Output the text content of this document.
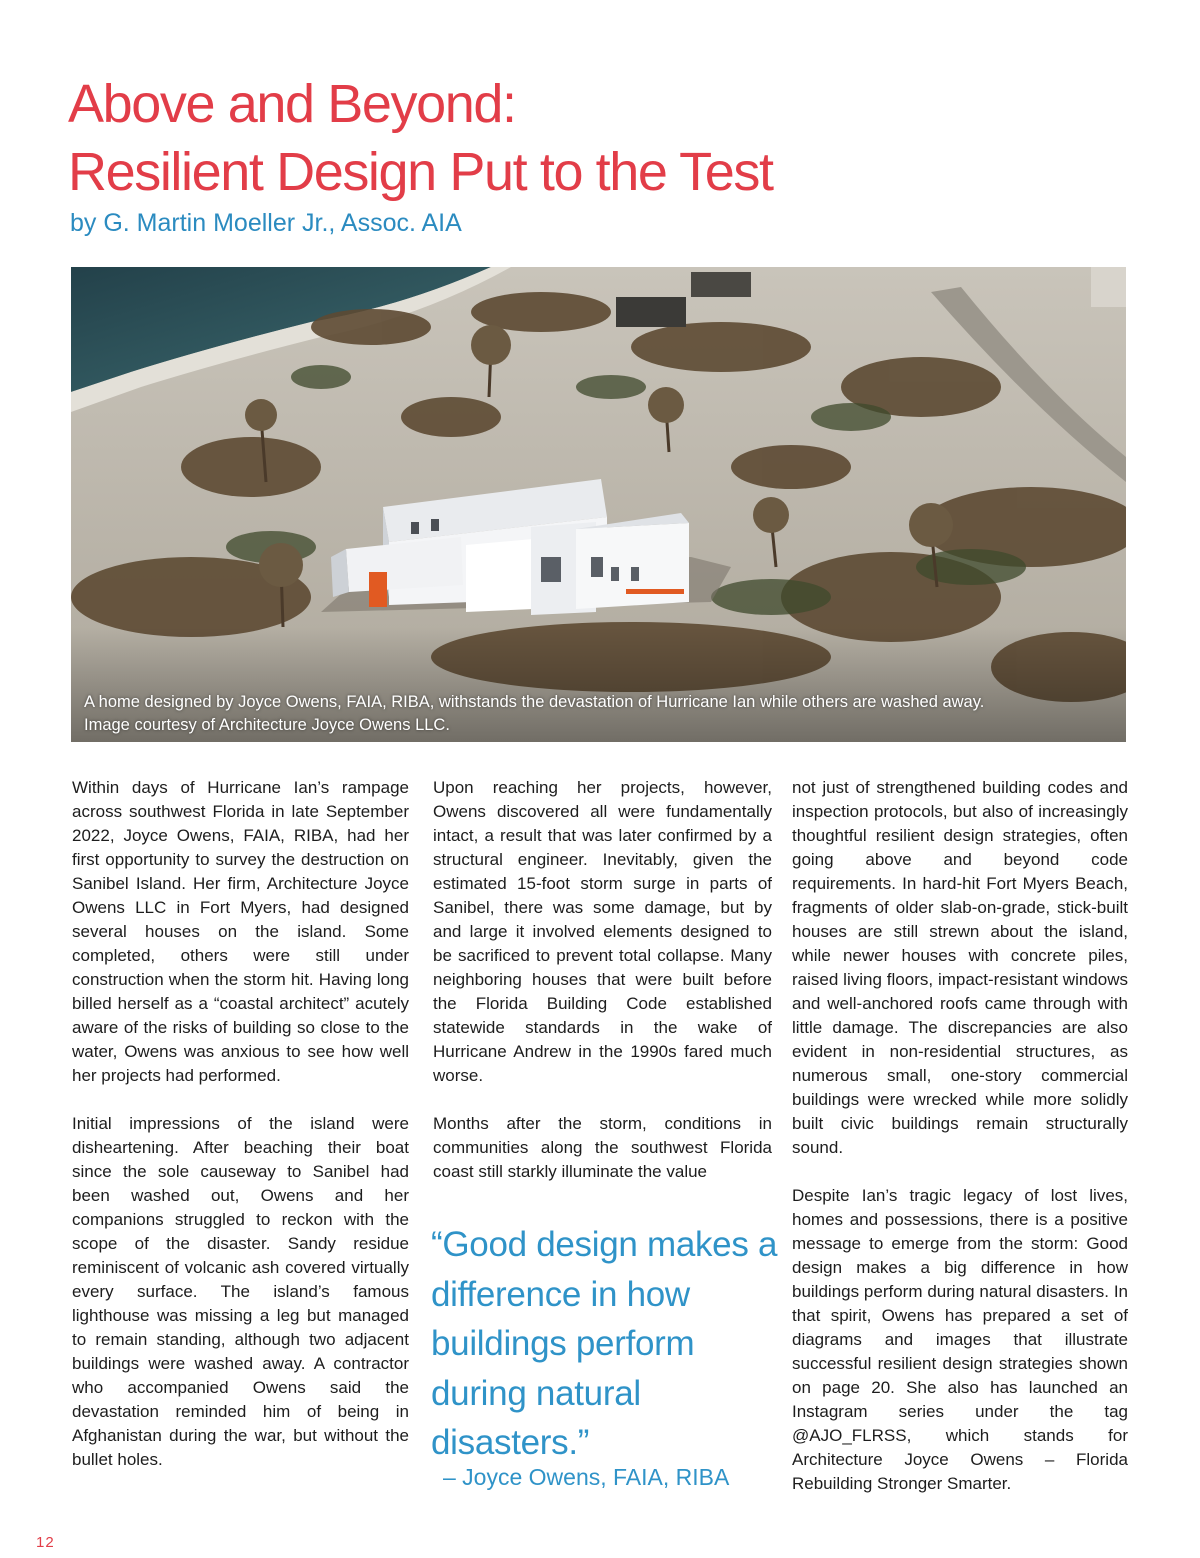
Above and Beyond:
Resilient Design Put to the Test
by G. Martin Moeller Jr., Assoc. AIA
A home designed by Joyce Owens, FAIA, RIBA, withstands the devastation of Hurricane Ian while others are washed away.
Image courtesy of Architecture Joyce Owens LLC.

Within days of Hurricane Ian’s rampage across southwest Florida in late September 2022, Joyce Owens, FAIA, RIBA, had her first opportunity to survey the destruction on Sanibel Island. Her firm, Architecture Joyce Owens LLC in Fort Myers, had designed several houses on the island. Some completed, others were still under construction when the storm hit. Having long billed herself as a “coastal architect” acutely aware of the risks of building so close to the water, Owens was anxious to see how well her projects had performed.

Initial impressions of the island were disheartening. After beaching their boat since the sole causeway to Sanibel had been washed out, Owens and her companions struggled to reckon with the scope of the disaster. Sandy residue reminiscent of volcanic ash covered virtually every surface. The island’s famous lighthouse was missing a leg but managed to remain standing, although two adjacent buildings were washed away. A contractor who accompanied Owens said the devastation reminded him of being in Afghanistan during the war, but without the bullet holes.

Upon reaching her projects, however, Owens discovered all were fundamentally intact, a result that was later confirmed by a structural engineer. Inevitably, given the estimated 15-foot storm surge in parts of Sanibel, there was some damage, but by and large it involved elements designed to be sacrificed to prevent total collapse. Many neighboring houses that were built before the Florida Building Code established statewide standards in the wake of Hurricane Andrew in the 1990s fared much worse.

Months after the storm, conditions in communities along the southwest Florida coast still starkly illuminate the value

“Good design makes a difference in how buildings perform during natural disasters.”
– Joyce Owens, FAIA, RIBA

not just of strengthened building codes and inspection protocols, but also of increasingly thoughtful resilient design strategies, often going above and beyond code requirements. In hard-hit Fort Myers Beach, fragments of older slab-on-grade, stick-built houses are still strewn about the island, while newer houses with concrete piles, raised living floors, impact-resistant windows and well-anchored roofs came through with little damage. The discrepancies are also evident in non-residential structures, as numerous small, one-story commercial buildings were wrecked while more solidly built civic buildings remain structurally sound.

Despite Ian’s tragic legacy of lost lives, homes and possessions, there is a positive message to emerge from the storm: Good design makes a big difference in how buildings perform during natural disasters. In that spirit, Owens has prepared a set of diagrams and images that illustrate successful resilient design strategies shown on page 20. She also has launched an Instagram series under the tag @AJO_FLRSS, which stands for Architecture Joyce Owens – Florida Rebuilding Stronger Smarter.

12
